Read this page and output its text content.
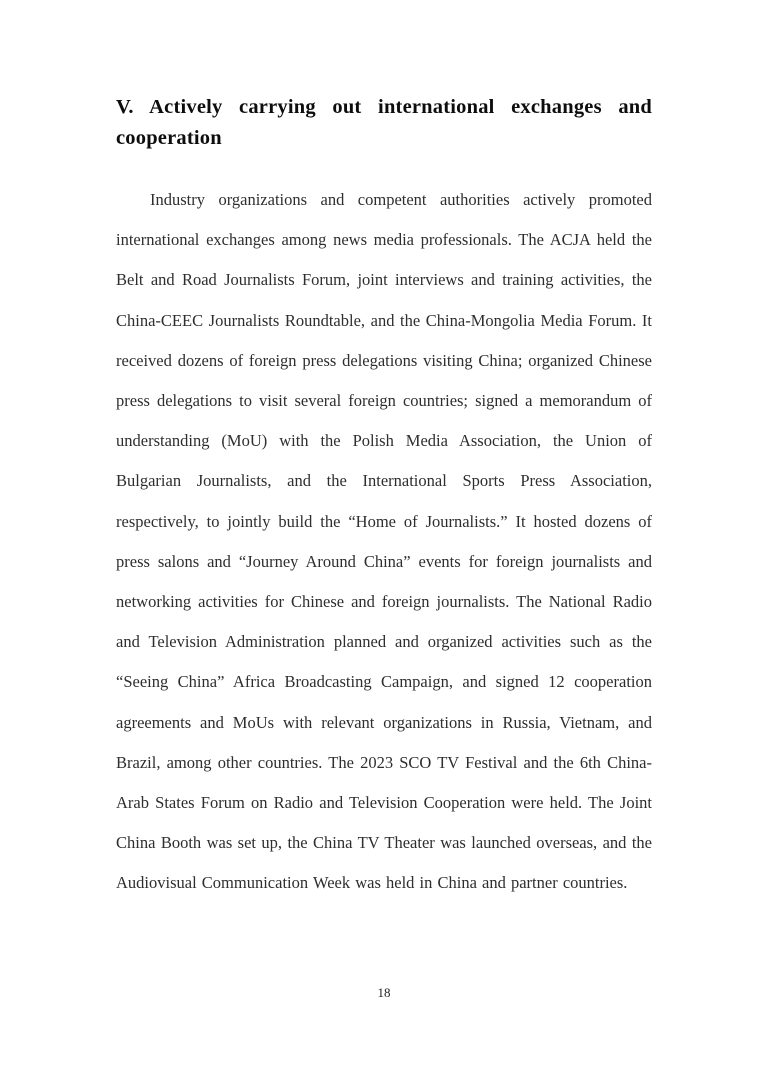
V. Actively carrying out international exchanges and cooperation

Industry organizations and competent authorities actively promoted international exchanges among news media professionals. The ACJA held the Belt and Road Journalists Forum, joint interviews and training activities, the China-CEEC Journalists Roundtable, and the China-Mongolia Media Forum. It received dozens of foreign press delegations visiting China; organized Chinese press delegations to visit several foreign countries; signed a memorandum of understanding (MoU) with the Polish Media Association, the Union of Bulgarian Journalists, and the International Sports Press Association, respectively, to jointly build the “Home of Journalists.” It hosted dozens of press salons and “Journey Around China” events for foreign journalists and networking activities for Chinese and foreign journalists. The National Radio and Television Administration planned and organized activities such as the “Seeing China” Africa Broadcasting Campaign, and signed 12 cooperation agreements and MoUs with relevant organizations in Russia, Vietnam, and Brazil, among other countries. The 2023 SCO TV Festival and the 6th China-Arab States Forum on Radio and Television Cooperation were held. The Joint China Booth was set up, the China TV Theater was launched overseas, and the Audiovisual Communication Week was held in China and partner countries.

18
